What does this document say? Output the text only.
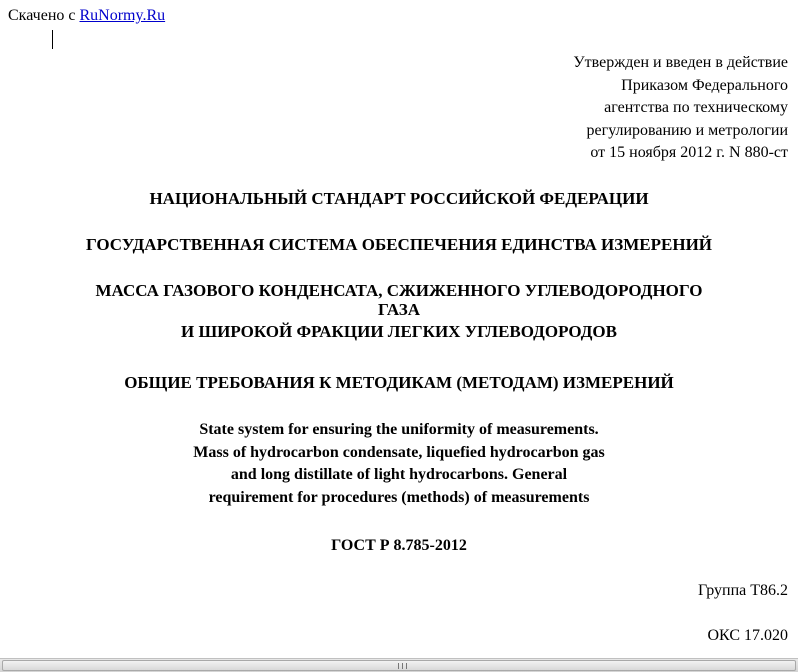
Скачено с RuNormy.Ru
Утвержден и введен в действие
Приказом Федерального
агентства по техническому
регулированию и метрологии
от 15 ноября 2012 г. N 880-ст
НАЦИОНАЛЬНЫЙ СТАНДАРТ РОССИЙСКОЙ ФЕДЕРАЦИИ
ГОСУДАРСТВЕННАЯ СИСТЕМА ОБЕСПЕЧЕНИЯ ЕДИНСТВА ИЗМЕРЕНИЙ
МАССА ГАЗОВОГО КОНДЕНСАТА, СЖИЖЕННОГО УГЛЕВОДОРОДНОГО
ГАЗА
И ШИРОКОЙ ФРАКЦИИ ЛЕГКИХ УГЛЕВОДОРОДОВ
ОБЩИЕ ТРЕБОВАНИЯ К МЕТОДИКАМ (МЕТОДАМ) ИЗМЕРЕНИЙ
State system for ensuring the uniformity of measurements.
Mass of hydrocarbon condensate, liquefied hydrocarbon gas
and long distillate of light hydrocarbons. General
requirement for procedures (methods) of measurements
ГОСТ Р 8.785-2012
Группа Т86.2
ОКС 17.020
